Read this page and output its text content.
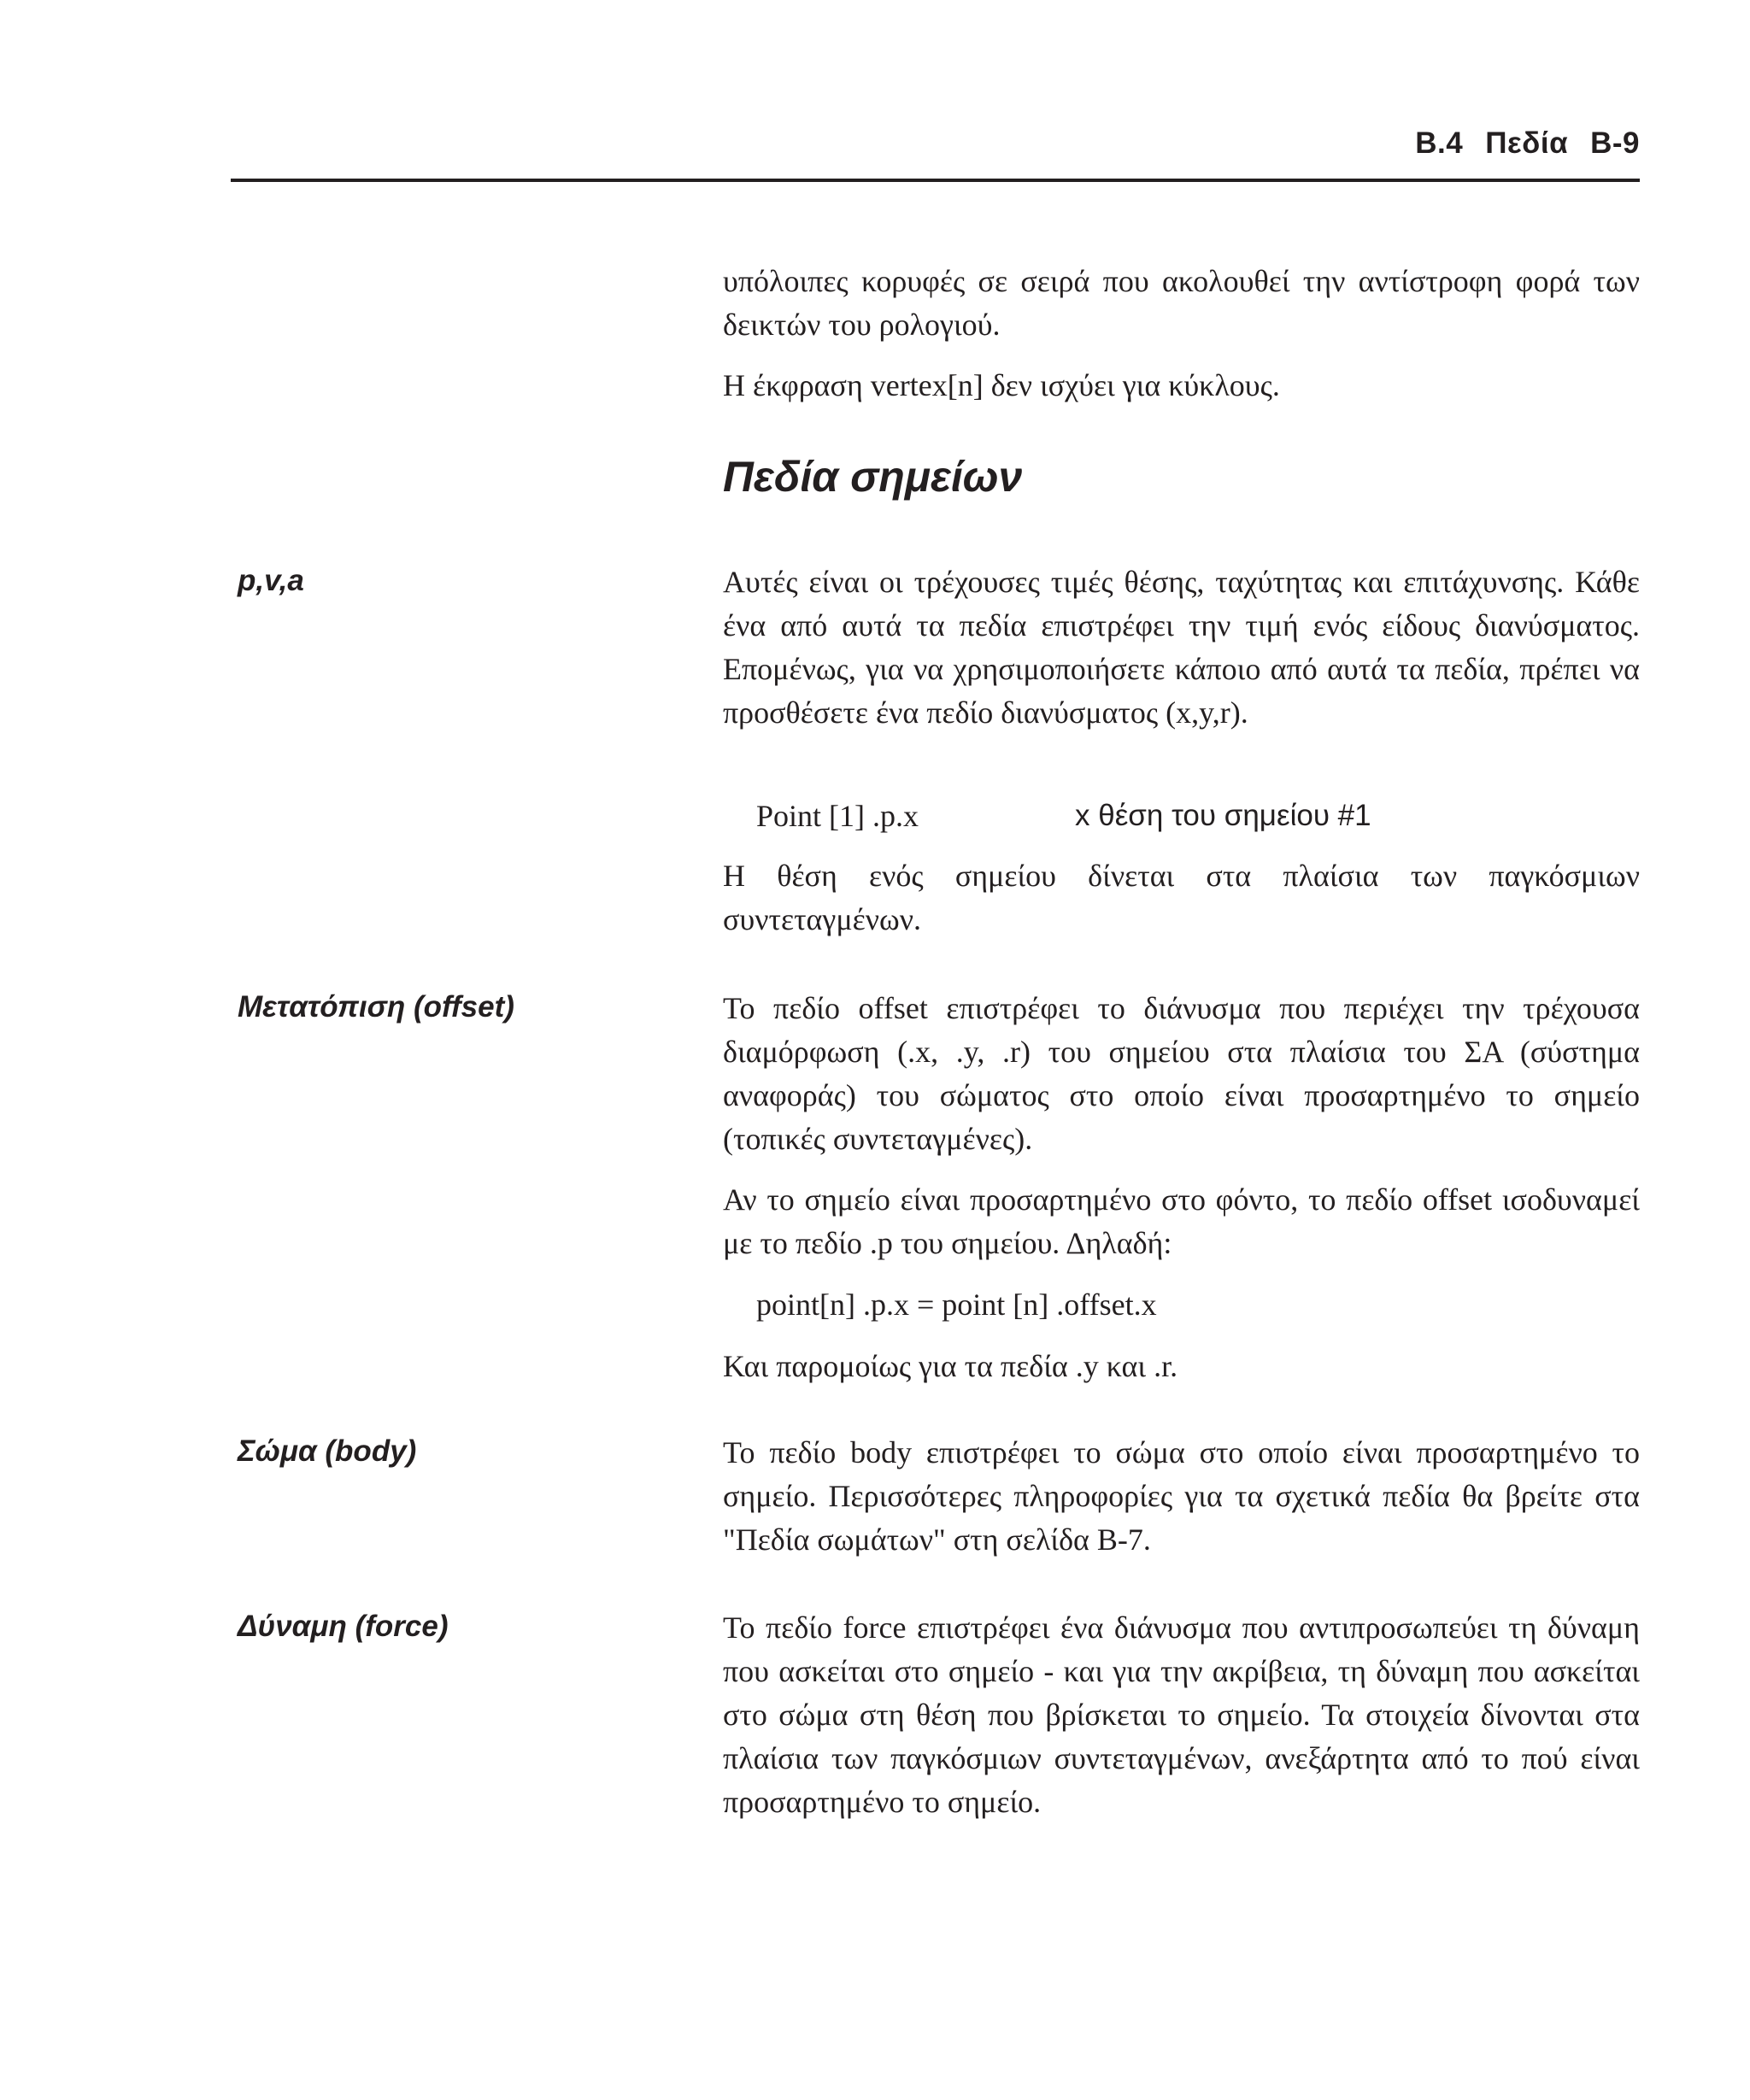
B.4 Πεδία B-9

υπόλοιπες κορυφές σε σειρά που ακολουθεί την αντίστροφη φορά των δεικτών του ρολογιού.

Η έκφραση vertex[n] δεν ισχύει για κύκλους.

Πεδία σημείων
p,v,a	Αυτές είναι οι τρέχουσες τιμές θέσης, ταχύτητας και επιτάχυνσης. Κάθε ένα από αυτά τα πεδία επιστρέφει την τιμή ενός είδους διανύσματος. Επομένως, για να χρησιμοποιήσετε κάποιο από αυτά τα πεδία, πρέπει να προσθέσετε ένα πεδίο διανύσματος (x,y,r).

Point [1] .p.x	x θέση του σημείου #1

Η θέση ενός σημείου δίνεται στα πλαίσια των παγκόσμιων συντεταγμένων.

Μετατόπιση (offset)	Το πεδίο offset επιστρέφει το διάνυσμα που περιέχει την τρέχουσα διαμόρφωση (.x, .y, .r) του σημείου στα πλαίσια του ΣΑ (σύστημα αναφοράς) του σώματος στο οποίο είναι προσαρτημένο το σημείο (τοπικές συντεταγμένες).

Αν το σημείο είναι προσαρτημένο στο φόντο, το πεδίο offset ισοδυναμεί με το πεδίο .p του σημείου. Δηλαδή:

point[n] .p.x = point [n] .offset.x

Και παρομοίως για τα πεδία .y και .r.

Σώμα (body)	Το πεδίο body επιστρέφει το σώμα στο οποίο είναι προσαρτημένο το σημείο. Περισσότερες πληροφορίες για τα σχετικά πεδία θα βρείτε στα "Πεδία σωμάτων" στη σελίδα B-7.

Δύναμη (force)	Το πεδίο force επιστρέφει ένα διάνυσμα που αντιπροσωπεύει τη δύναμη που ασκείται στο σημείο - και για την ακρίβεια, τη δύναμη που ασκείται στο σώμα στη θέση που βρίσκεται το σημείο. Τα στοιχεία δίνονται στα πλαίσια των παγκόσμιων συντεταγμένων, ανεξάρτητα από το πού είναι προσαρτημένο το σημείο.
